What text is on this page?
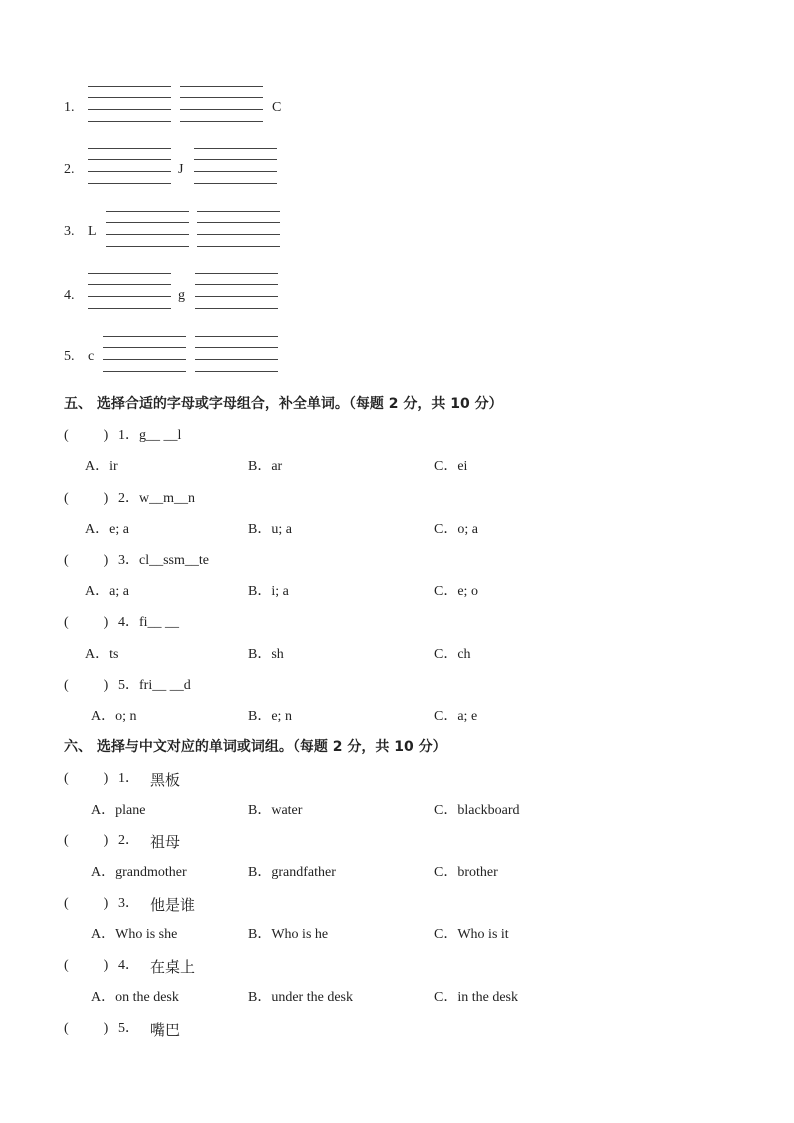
1.	C
2.	J
3. L
4.	g
5. c
五、 选择合适的字母或字母组合，补全单词。（每题 2 分，共 10 分）
(          ) 1．g__ __l
A．ir	B．ar	C．ei
(          ) 2．w__m__n
A．e; a	B．u; a	C．o; a
(          ) 3．cl__ssm__te
A．a; a	B．i; a	C．e; o
(          ) 4．fi__ __
A．ts	B．sh	C．ch
(          ) 5．fri__ __d
A．o; n	B．e; n	C．a; e
六、 选择与中文对应的单词或词组。（每题 2 分，共 10 分）
(          ) 1． 黑板
A．plane	B．water	C．blackboard
(          ) 2． 祖母
A．grandmother	B．grandfather	C．brother
(          ) 3． 他是谁
A．Who is she	B．Who is he	C．Who is it
(          ) 4． 在桌上
A．on the desk	B．under the desk	C．in the desk
(          ) 5． 嘴巴
